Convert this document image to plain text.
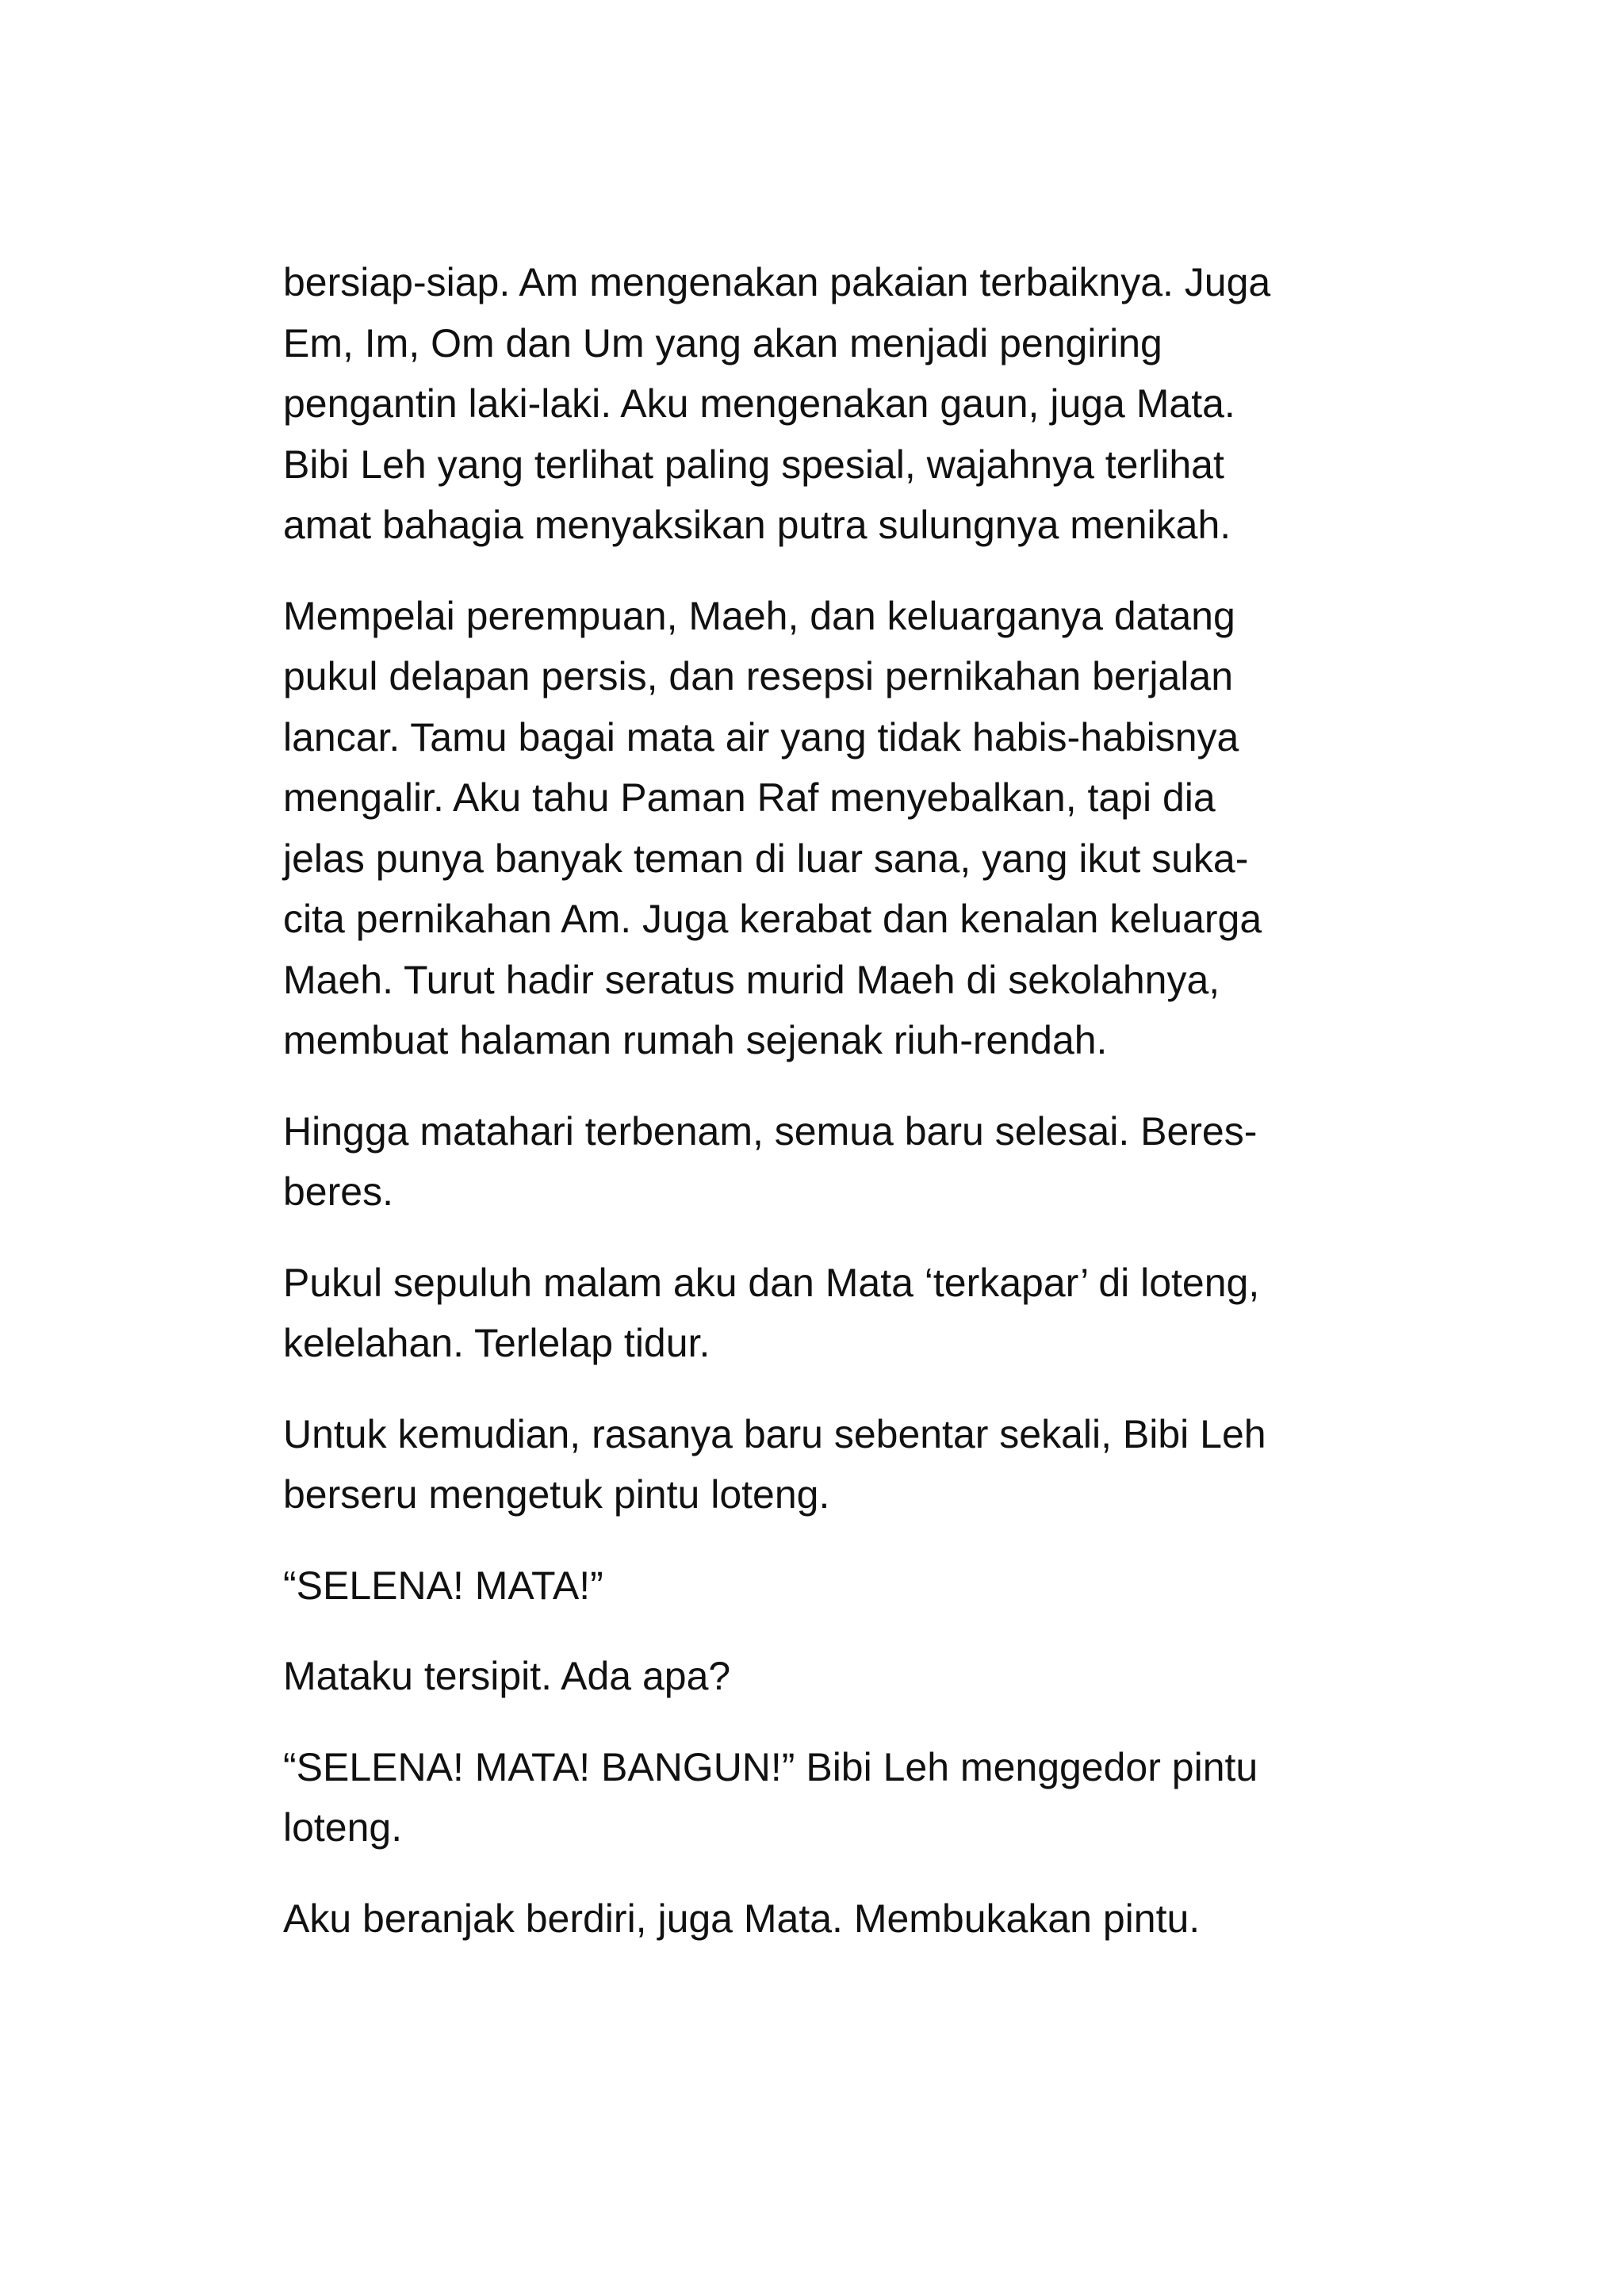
bersiap-siap. Am mengenakan pakaian terbaiknya. Juga
Em, Im, Om dan Um yang akan menjadi pengiring
pengantin laki-laki. Aku mengenakan gaun, juga Mata.
Bibi Leh yang terlihat paling spesial, wajahnya terlihat
amat bahagia menyaksikan putra sulungnya menikah.

Mempelai perempuan, Maeh, dan keluarganya datang
pukul delapan persis, dan resepsi pernikahan berjalan
lancar. Tamu bagai mata air yang tidak habis-habisnya
mengalir. Aku tahu Paman Raf menyebalkan, tapi dia
jelas punya banyak teman di luar sana, yang ikut suka-
cita pernikahan Am. Juga kerabat dan kenalan keluarga
Maeh. Turut hadir seratus murid Maeh di sekolahnya,
membuat halaman rumah sejenak riuh-rendah.

Hingga matahari terbenam, semua baru selesai. Beres-
beres.

Pukul sepuluh malam aku dan Mata ‘terkapar’ di loteng,
kelelahan. Terlelap tidur.

Untuk kemudian, rasanya baru sebentar sekali, Bibi Leh
berseru mengetuk pintu loteng.

“SELENA! MATA!”

Mataku tersipit. Ada apa?

“SELENA! MATA! BANGUN!” Bibi Leh menggedor pintu
loteng.

Aku beranjak berdiri, juga Mata. Membukakan pintu.
